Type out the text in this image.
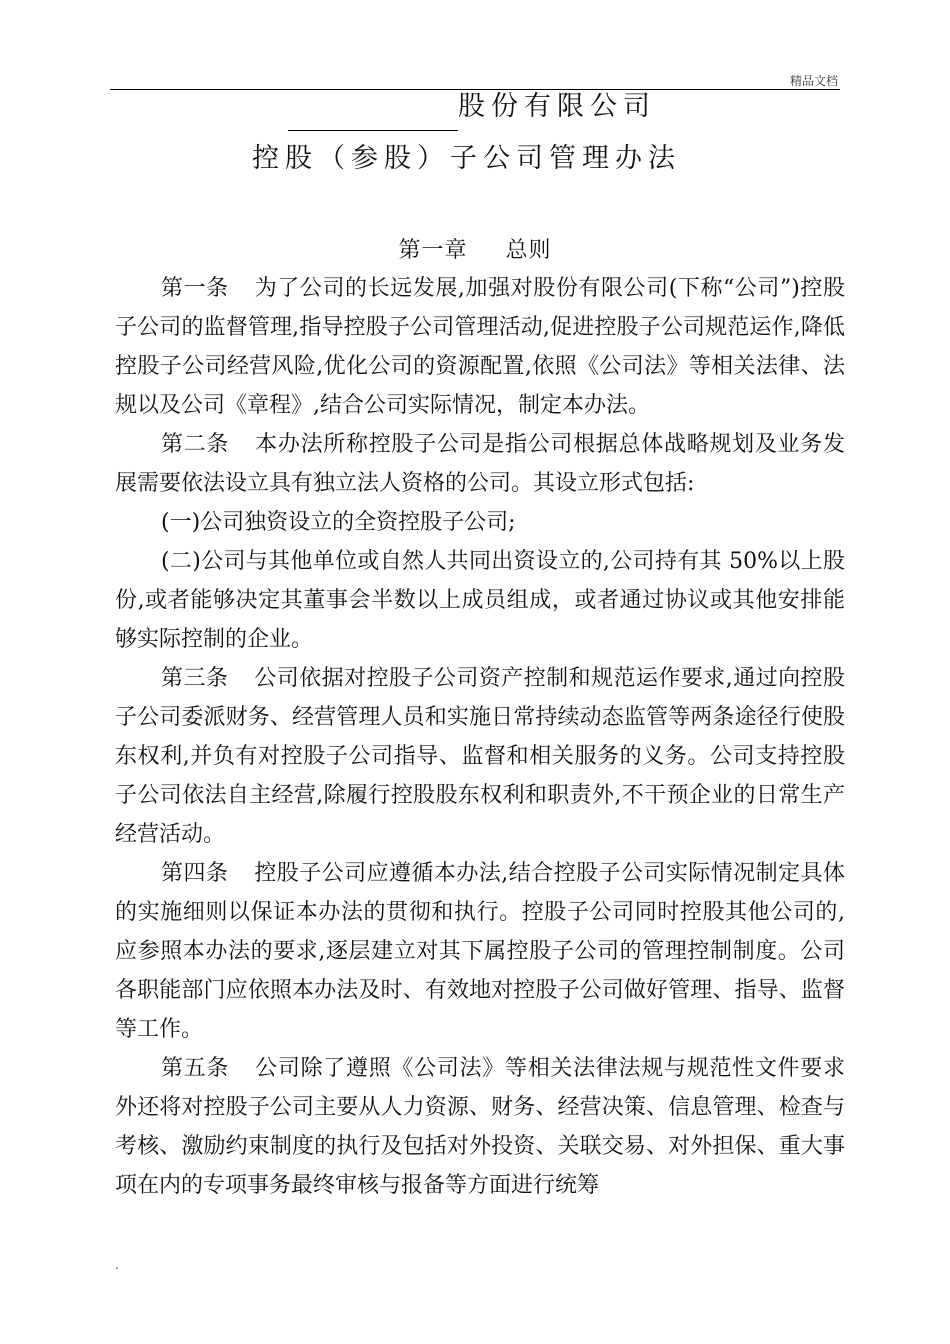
精品文档
股份有限公司
控股（参股）子公司管理办法
第一章 总则

第一条 为了公司的长远发展,加强对股份有限公司(下称“公司”)控股子公司的监督管理,指导控股子公司管理活动,促进控股子公司规范运作,降低控股子公司经营风险,优化公司的资源配置,依照《公司法》等相关法律、法规以及公司《章程》,结合公司实际情况，制定本办法。

第二条 本办法所称控股子公司是指公司根据总体战略规划及业务发展需要依法设立具有独立法人资格的公司。其设立形式包括:

(一)公司独资设立的全资控股子公司;

(二)公司与其他单位或自然人共同出资设立的,公司持有其 50%以上股份,或者能够决定其董事会半数以上成员组成，或者通过协议或其他安排能够实际控制的企业。

第三条 公司依据对控股子公司资产控制和规范运作要求,通过向控股子公司委派财务、经营管理人员和实施日常持续动态监管等两条途径行使股东权利,并负有对控股子公司指导、监督和相关服务的义务。公司支持控股子公司依法自主经营,除履行控股股东权利和职责外,不干预企业的日常生产经营活动。

第四条 控股子公司应遵循本办法,结合控股子公司实际情况制定具体的实施细则以保证本办法的贯彻和执行。控股子公司同时控股其他公司的,应参照本办法的要求,逐层建立对其下属控股子公司的管理控制制度。公司各职能部门应依照本办法及时、有效地对控股子公司做好管理、指导、监督等工作。

第五条 公司除了遵照《公司法》等相关法律法规与规范性文件要求外还将对控股子公司主要从人力资源、财务、经营决策、信息管理、检查与考核、激励约束制度的执行及包括对外投资、关联交易、对外担保、重大事项在内的专项事务最终审核与报备等方面进行统筹

.
